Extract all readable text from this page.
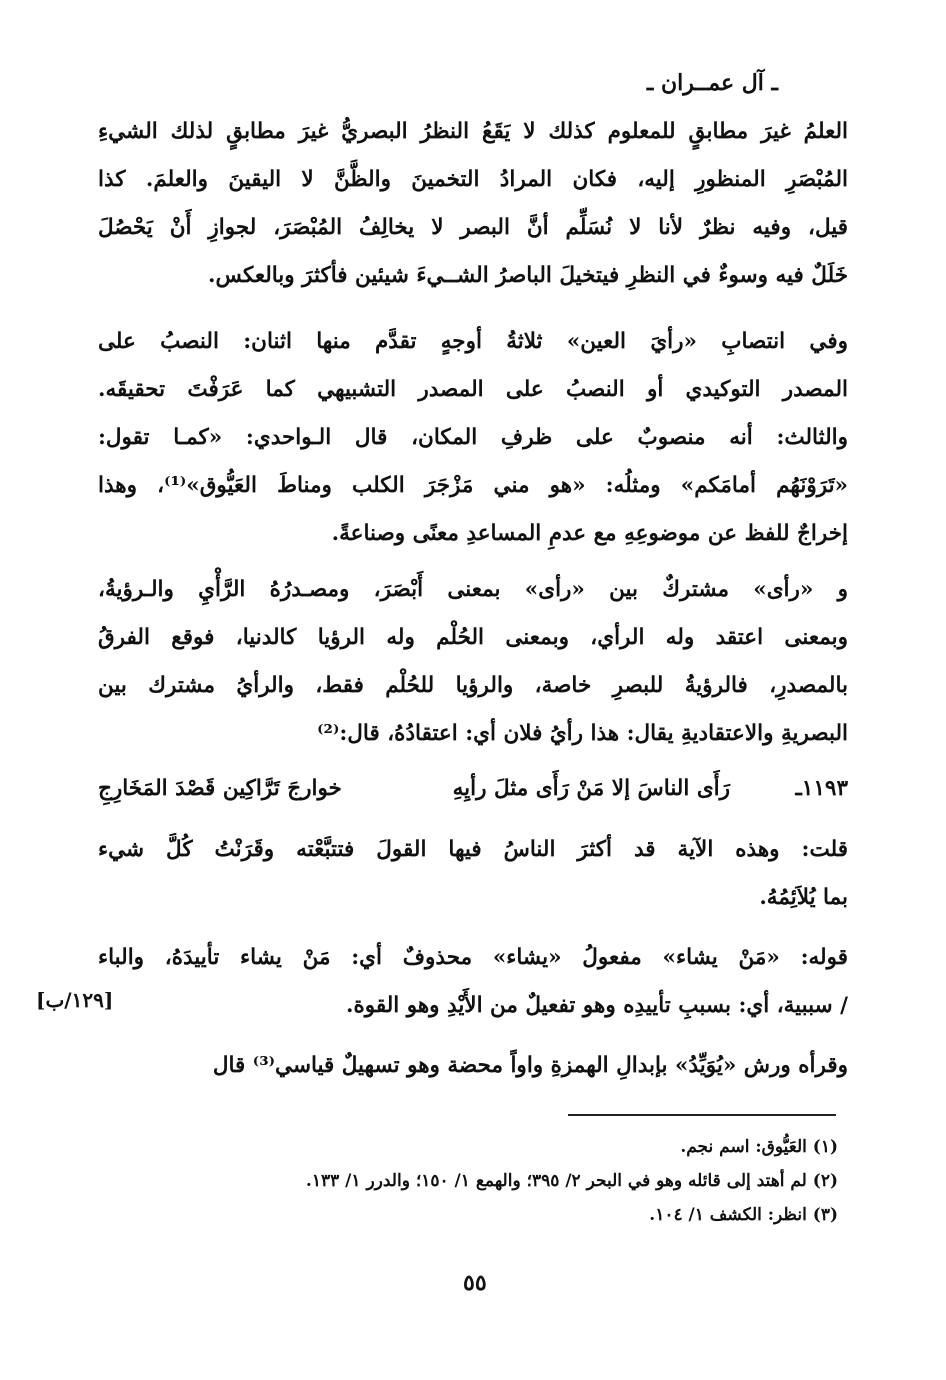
ـ آل عمــران ـ
العلمُ غيرَ مطابقٍ للمعلوم كذلك لا يَقَعُ النظرُ البصريُّ غيرَ مطابقٍ لذلك الشيءِ
المُبْصَرِ المنظورِ إليه، فكان المرادُ التخمينَ والظَّنَّ لا اليقينَ والعلمَ. كذا
قيل، وفيه نظرٌ لأنا لا نُسَلِّم أنَّ البصر لا يخالِفُ المُبْصَرَ، لجوازِ أَنْ يَحْصُلَ
خَلَلٌ فيه وسوءٌ في النظرِ فيتخيلَ الباصرُ الشــيءَ شيئين فأكثرَ وبالعكس.
وفي انتصابِ «رأيَ العين» ثلاثةُ أوجهٍ تقدَّم منها اثنان: النصبُ على
المصدر التوكيدي أو النصبُ على المصدر التشبيهي كما عَرَفْتَ تحقيقَه.
والثالث: أنه منصوبٌ على ظرفِ المكان، قال الـواحدي: «كمـا تقول:
«تَرَوْنَهُم أمامَكم» ومثلُه: «هو مني مَزْجَرَ الكلب ومناطَ العَيُّوق»⁽¹⁾، وهذا
إخراجٌ للفظ عن موضوعِهِ مع عدمِ المساعدِ معنًى وصناعةً.
و «رأى» مشتركٌ بين «رأى» بمعنى أَبْصَرَ، ومصـدرُهُ الرَّأْيِ والـرؤيةُ،
وبمعنى اعتقد وله الرأي، وبمعنى الحُلْم وله الرؤيا كالدنيا، فوقع الفرقُ
بالمصدرِ، فالرؤيةُ للبصرِ خاصة، والرؤيا للحُلْم فقط، والرأيُ مشترك بين
البصريةِ والاعتقاديةِ يقال: هذا رأيُ فلان أي: اعتقادُهُ، قال:⁽²⁾
١١٩٣ـ
رَأَى الناسَ إلا مَنْ رَأَى مثلَ رأيِهِ
خوارجَ تَرَّاكِين قَصْدَ المَخَارِجِ
قلت: وهذه الآية قد أكثرَ الناسُ فيها القولَ فتتبَّعْته وقَرَنْتُ كُلَّ شيء
بما يُلاَئِمُهُ.
قوله: «مَنْ يشاء» مفعولُ «يشاء» محذوفٌ أي: مَنْ يشاء تأييدَهُ، والباء
/ سببية، أي: بسببِ تأييدِه وهو تفعيلٌ من الأَيْدِ وهو القوة.
[١٢٩/ب]
وقرأه ورش «يُوَيِّدُ» بإبدالِ الهمزةِ واواً محضة وهو تسهيلٌ قياسي⁽³⁾ قال
(١) العَيُّوق: اسم نجم.
(٢) لم أهتد إلى قائله وهو في البحر ٢/ ٣٩٥؛ والهمع ١/ ١٥٠؛ والدرر ١/ ١٣٣.
(٣) انظر: الكشف ١/ ١٠٤.
٥٥
